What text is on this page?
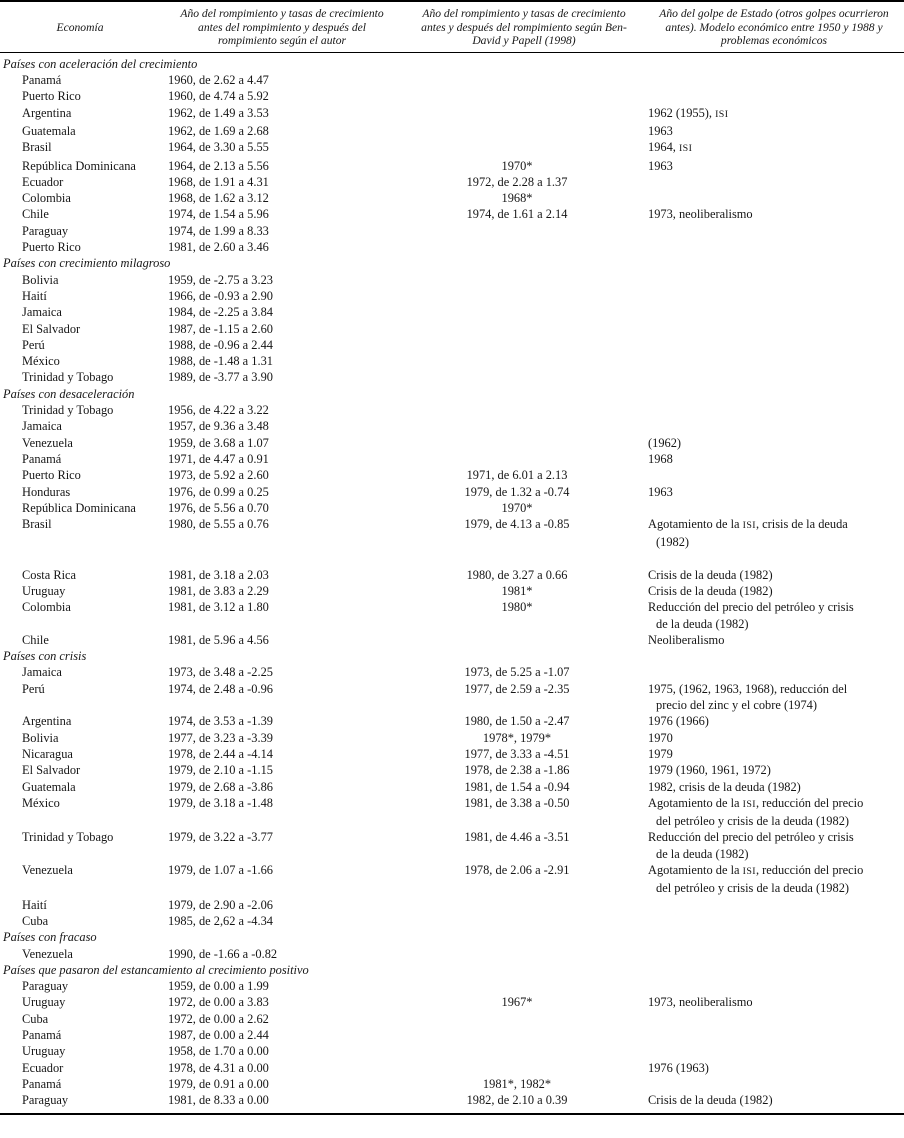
Economía	Año del rompimiento y tasas de crecimiento
antes del rompimiento y después del
rompimiento según el autor	Año del rompimiento y tasas de crecimiento
antes y después del rompimiento según Ben-
David y Papell (1998)	Año del golpe de Estado (otros golpes ocurrieron
antes). Modelo económico entre 1950 y 1988 y
problemas económicos
Países con aceleración del crecimiento			
Panamá	1960, de 2.62 a 4.47		
Puerto Rico	1960, de 4.74 a 5.92		
Argentina	1962, de 1.49 a 3.53		1962 (1955), ISI
Guatemala	1962, de 1.69 a 2.68		1963
Brasil	1964, de 3.30 a 5.55		1964, ISI
República Dominicana	1964, de 2.13 a 5.56	1970*	1963
Ecuador	1968, de 1.91 a 4.31	1972, de 2.28 a 1.37	
Colombia	1968, de 1.62 a 3.12	1968*	
Chile	1974, de 1.54 a 5.96	1974, de 1.61 a 2.14	1973, neoliberalismo
Paraguay	1974, de 1.99 a 8.33		
Puerto Rico	1981, de 2.60 a 3.46		
Países con crecimiento milagroso			
Bolivia	1959, de -2.75 a 3.23		
Haití	1966, de -0.93 a 2.90		
Jamaica	1984, de -2.25 a 3.84		
El Salvador	1987, de -1.15 a 2.60		
Perú	1988, de -0.96 a 2.44		
México	1988, de -1.48 a 1.31		
Trinidad y Tobago	1989, de -3.77 a 3.90		
Países con desaceleración			
Trinidad y Tobago	1956, de 4.22 a 3.22		
Jamaica	1957, de 9.36 a 3.48		
Venezuela	1959, de 3.68 a 1.07		(1962)
Panamá	1971, de 4.47 a 0.91		1968
Puerto Rico	1973, de 5.92 a 2.60	1971, de 6.01 a 2.13	
Honduras	1976, de 0.99 a 0.25	1979, de 1.32 a -0.74	1963
República Dominicana	1976, de 5.56 a 0.70	1970*	
Brasil	1980, de 5.55 a 0.76	1979, de 4.13 a -0.85	Agotamiento de la ISI, crisis de la deuda
(1982)

Costa Rica	1981, de 3.18 a 2.03	1980, de 3.27 a 0.66	Crisis de la deuda (1982)
Uruguay	1981, de 3.83 a 2.29	1981*	Crisis de la deuda (1982)
Colombia	1981, de 3.12 a 1.80	1980*	Reducción del precio del petróleo y crisis
de la deuda (1982)
Chile	1981, de 5.96 a 4.56		Neoliberalismo
Países con crisis			
Jamaica	1973, de 3.48 a -2.25	1973, de 5.25 a -1.07	
Perú	1974, de 2.48 a -0.96	1977, de 2.59 a -2.35	1975, (1962, 1963, 1968), reducción del
precio del zinc y el cobre (1974)
Argentina	1974, de 3.53 a -1.39	1980, de 1.50 a -2.47	1976 (1966)
Bolivia	1977, de 3.23 a -3.39	1978*, 1979*	1970
Nicaragua	1978, de 2.44 a -4.14	1977, de 3.33 a -4.51	1979
El Salvador	1979, de 2.10 a -1.15	1978, de 2.38 a -1.86	1979 (1960, 1961, 1972)
Guatemala	1979, de 2.68 a -3.86	1981, de 1.54 a -0.94	1982, crisis de la deuda (1982)
México	1979, de 3.18 a -1.48	1981, de 3.38 a -0.50	Agotamiento de la ISI, reducción del precio
del petróleo y crisis de la deuda (1982)
Trinidad y Tobago	1979, de 3.22 a -3.77	1981, de 4.46 a -3.51	Reducción del precio del petróleo y crisis
de la deuda (1982)
Venezuela	1979, de 1.07 a -1.66	1978, de 2.06 a -2.91	Agotamiento de la ISI, reducción del precio
del petróleo y crisis de la deuda (1982)
Haití	1979, de 2.90 a -2.06		
Cuba	1985, de 2,62 a -4.34		
Países con fracaso			
Venezuela	1990, de -1.66 a -0.82		
Países que pasaron del estancamiento al crecimiento positivo			
Paraguay	1959, de 0.00 a 1.99		
Uruguay	1972, de 0.00 a 3.83	1967*	1973, neoliberalismo
Cuba	1972, de 0.00 a 2.62		
Panamá	1987, de 0.00 a 2.44		
Uruguay	1958, de 1.70 a 0.00		
Ecuador	1978, de 4.31 a 0.00		1976 (1963)
Panamá	1979, de 0.91 a 0.00	1981*, 1982*	
Paraguay	1981, de 8.33 a 0.00	1982, de 2.10 a 0.39	Crisis de la deuda (1982)
